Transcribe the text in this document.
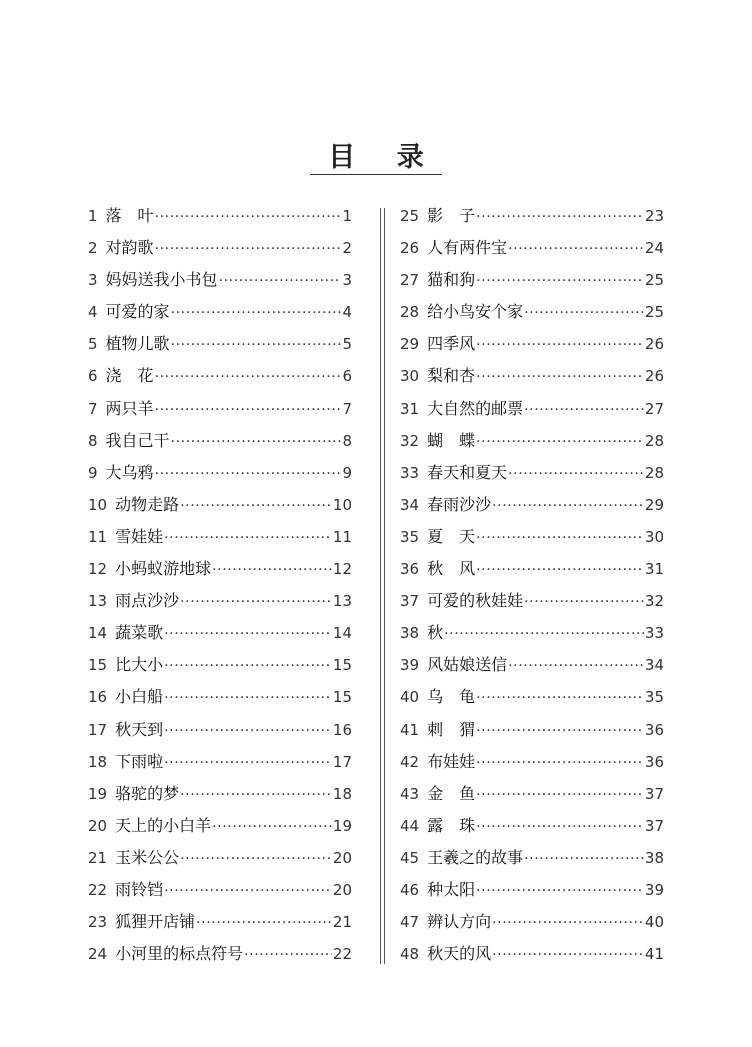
目 录
1 落　叶 ·····	1
2 对韵歌 ·····	2
3 妈妈送我小书包 ·····	3
4 可爱的家 ·····	4
5 植物儿歌 ·····	5
6 浇　花 ·····	6
7 两只羊 ·····	7
8 我自己干 ·····	8
9 大乌鸦 ·····	9
10 动物走路 ·····	10
11 雪娃娃 ·····	11
12 小蚂蚁游地球 ·····	12
13 雨点沙沙 ·····	13
14 蔬菜歌 ·····	14
15 比大小 ·····	15
16 小白船 ·····	15
17 秋天到 ·····	16
18 下雨啦 ·····	17
19 骆驼的梦 ·····	18
20 天上的小白羊 ·····	19
21 玉米公公 ·····	20
22 雨铃铛 ·····	20
23 狐狸开店铺 ·····	21
24 小河里的标点符号 ·····	22
25 影　子 ·····	23
26 人有两件宝 ·····	24
27 猫和狗 ·····	25
28 给小鸟安个家 ·····	25
29 四季风 ·····	26
30 梨和杏 ·····	26
31 大自然的邮票 ·····	27
32 蝴　蝶 ·····	28
33 春天和夏天 ·····	28
34 春雨沙沙 ·····	29
35 夏　天 ·····	30
36 秋　风 ·····	31
37 可爱的秋娃娃 ·····	32
38 秋 ·····	33
39 风姑娘送信 ·····	34
40 乌　龟 ·····	35
41 刺　猬 ·····	36
42 布娃娃 ·····	36
43 金　鱼 ·····	37
44 露　珠 ·····	37
45 王羲之的故事 ·····	38
46 种太阳 ·····	39
47 辨认方向 ·····	40
48 秋天的风 ·····	41
